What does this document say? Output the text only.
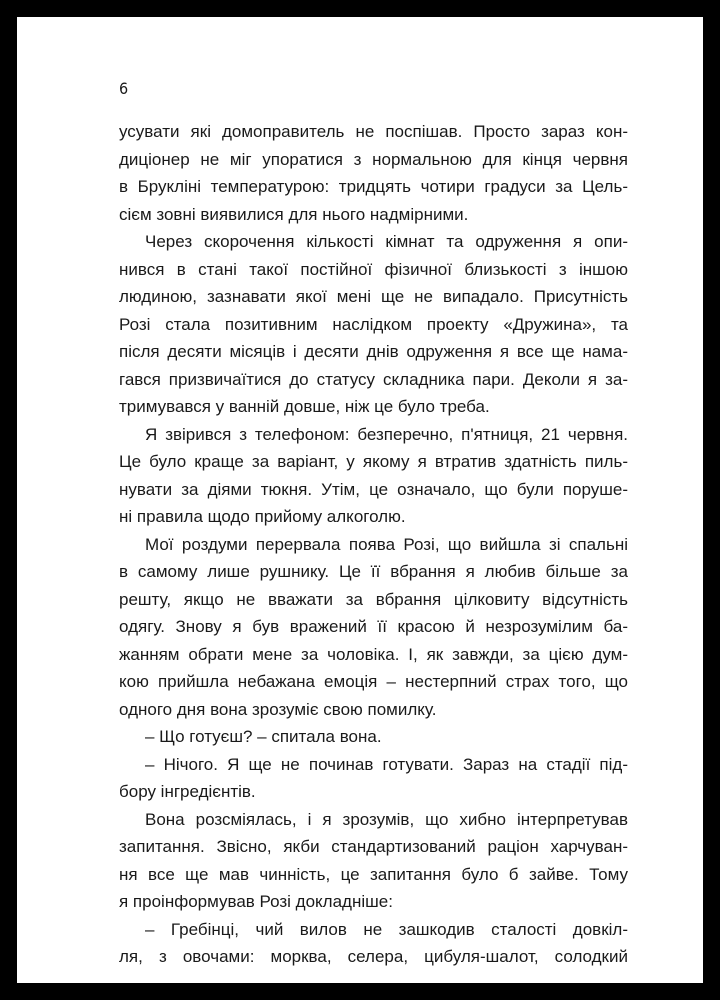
6
усувати які домоправитель не поспішав. Просто зараз кон-
диціонер не міг упоратися з нормальною для кінця червня
в Брукліні температурою: тридцять чотири градуси за Цель-
сієм зовні виявилися для нього надмірними.
Через скорочення кількості кімнат та одруження я опи-
нився в стані такої постійної фізичної близькості з іншою
людиною, зазнавати якої мені ще не випадало. Присутність
Розі стала позитивним наслідком проекту «Дружина», та
після десяти місяців і десяти днів одруження я все ще нама-
гався призвичаїтися до статусу складника пари. Деколи я за-
тримувався у ванній довше, ніж це було треба.
Я звірився з телефоном: безперечно, п'ятниця, 21 червня.
Це було краще за варіант, у якому я втратив здатність пиль-
нувати за діями тюкня. Утім, це означало, що були поруше-
ні правила щодо прийому алкоголю.
Мої роздуми перервала поява Розі, що вийшла зі спальні
в самому лише рушнику. Це її вбрання я любив більше за
решту, якщо не вважати за вбрання цілковиту відсутність
одягу. Знову я був вражений її красою й незрозумілим ба-
жанням обрати мене за чоловіка. І, як завжди, за цією дум-
кою прийшла небажана емоція – нестерпний страх того, що
одного дня вона зрозуміє свою помилку.
– Що готуєш? – спитала вона.
– Нічого. Я ще не починав готувати. Зараз на стадії під-
бору інгредієнтів.
Вона розсміялась, і я зрозумів, що хибно інтерпретував
запитання. Звісно, якби стандартизований раціон харчуван-
ня все ще мав чинність, це запитання було б зайве. Тому
я проінформував Розі докладніше:
– Гребінці, чий вилов не зашкодив сталості довкіл-
ля, з овочами: морква, селера, цибуля-шалот, солодкий
